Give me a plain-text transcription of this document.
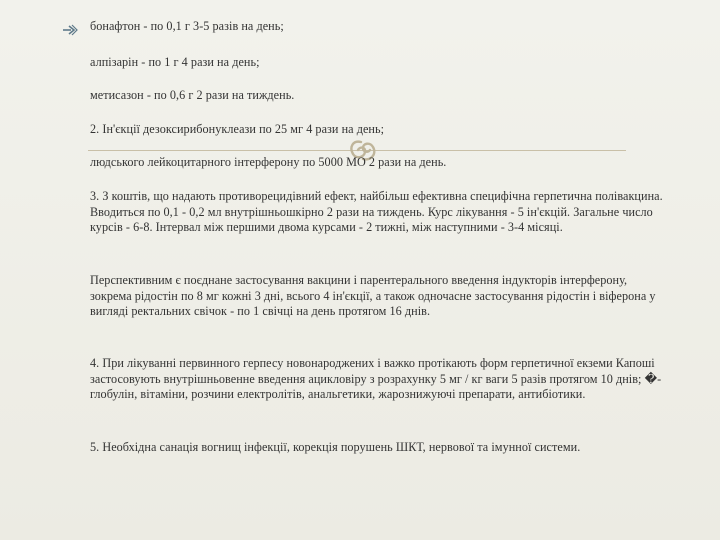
бонафтон - по 0,1 г 3-5 разів на день;
алпізарін - по 1 г 4 рази на день;
метисазон - по 0,6 г 2 рази на тиждень.
2. Ін'єкції дезоксирибонуклеази по 25 мг 4 рази на день;
людського лейкоцитарного інтерферону по 5000 МО 2 рази на день.
3. З коштів, що надають противорецидівний ефект, найбільш ефективна специфічна герпетична полівакцина. Вводиться по 0,1 - 0,2 мл внутрішньошкірно 2 рази на тиждень. Курс лікування - 5 ін'єкцій. Загальне число курсів - 6-8. Інтервал між першими двома курсами - 2 тижні, між наступними - 3-4 місяці.
Перспективним є поєднане застосування вакцини і парентерального введення індукторів інтерферону, зокрема рідостін по 8 мг кожні 3 дні, всього 4 ін'єкції, а також одночасне застосування рідостін і віферона у вигляді ректальних свічок - по 1 свічці на день протягом 16 днів.
4. При лікуванні первинного герпесу новонароджених і важко протікають форм герпетичної екземи Капоші застосовують внутрішньовенне введення ацикловіру з розрахунку 5 мг / кг ваги 5 разів протягом 10 днів; �-глобулін, вітаміни, розчини електролітів, анальгетики, жарознижуючі препарати, антибіотики.
5. Необхідна санація вогнищ інфекції, корекція порушень ШКТ, нервової та імунної системи.
